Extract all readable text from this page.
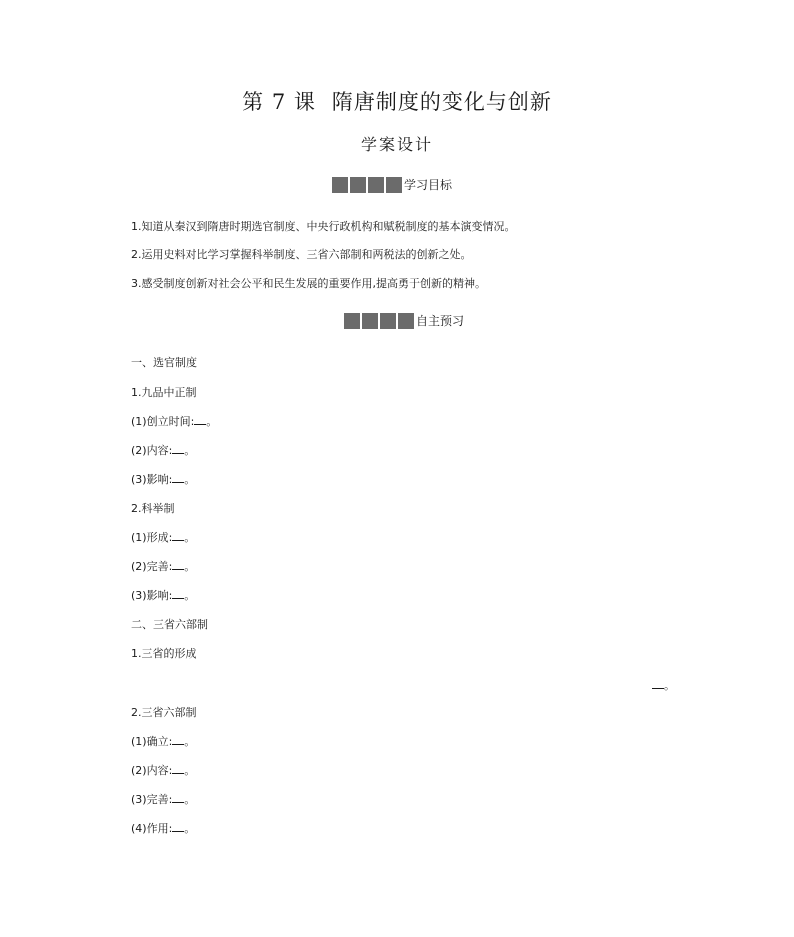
第 7 课 隋唐制度的变化与创新
学案设计
学习目标
1.知道从秦汉到隋唐时期选官制度、中央行政机构和赋税制度的基本演变情况。
2.运用史料对比学习掌握科举制度、三省六部制和两税法的创新之处。
3.感受制度创新对社会公平和民生发展的重要作用,提高勇于创新的精神。
自主预习
一、选官制度
1.九品中正制
(1)创立时间: 。
(2)内容: 。
(3)影响: 。
2.科举制
(1)形成: 。
(2)完善: 。
(3)影响: 。
二、三省六部制
1.三省的形成
。
2.三省六部制
(1)确立: 。
(2)内容: 。
(3)完善: 。
(4)作用: 。
